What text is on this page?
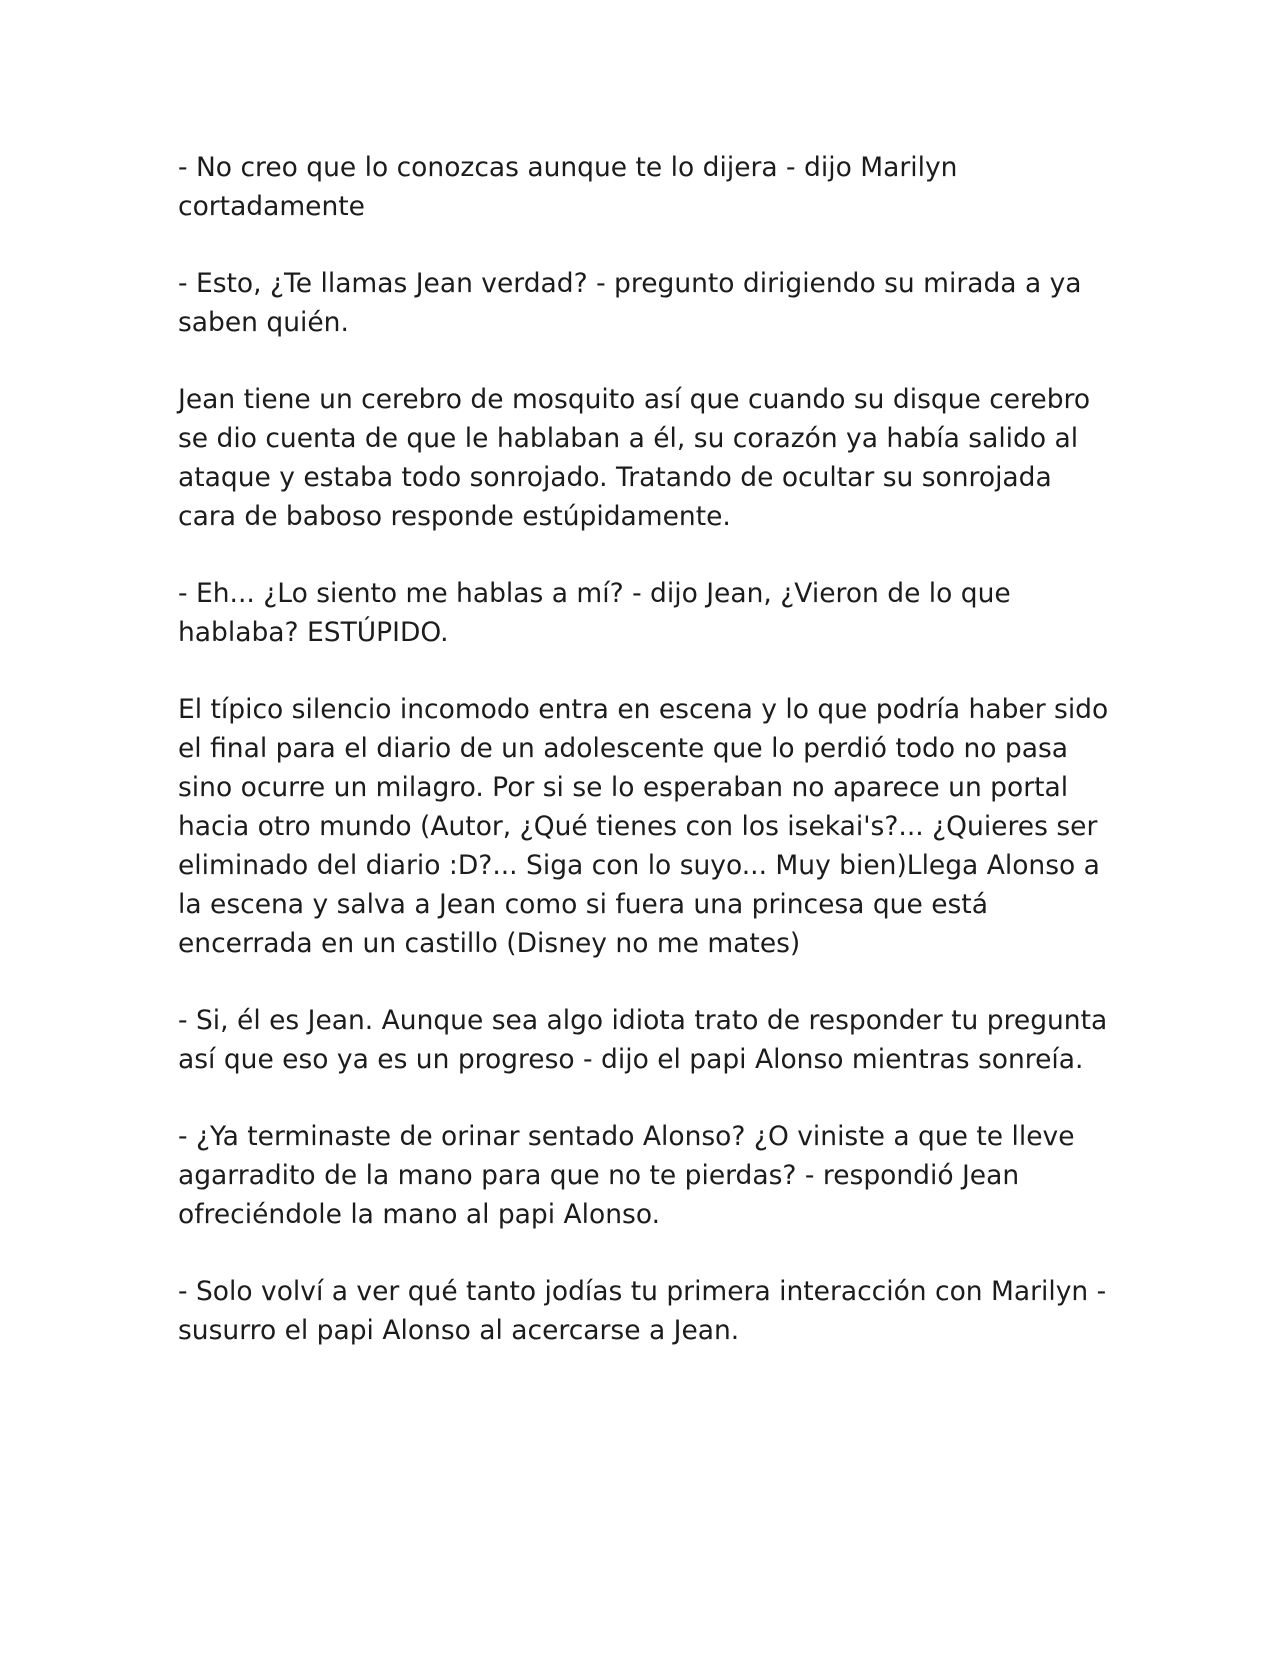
- No creo que lo conozcas aunque te lo dijera - dijo Marilyn cortadamente

- Esto, ¿Te llamas Jean verdad? - pregunto dirigiendo su mirada a ya saben quién.

Jean tiene un cerebro de mosquito así que cuando su disque cerebro se dio cuenta de que le hablaban a él, su corazón ya había salido al ataque y estaba todo sonrojado. Tratando de ocultar su sonrojada cara de baboso responde estúpidamente.

- Eh... ¿Lo siento me hablas a mí? - dijo Jean, ¿Vieron de lo que hablaba? ESTÚPIDO.

El típico silencio incomodo entra en escena y lo que podría haber sido el final para el diario de un adolescente que lo perdió todo no pasa sino ocurre un milagro. Por si se lo esperaban no aparece un portal hacia otro mundo (Autor, ¿Qué tienes con los isekai's?... ¿Quieres ser eliminado del diario :D?... Siga con lo suyo... Muy bien)Llega Alonso a la escena y salva a Jean como si fuera una princesa que está encerrada en un castillo (Disney no me mates)

- Si, él es Jean. Aunque sea algo idiota trato de responder tu pregunta así que eso ya es un progreso - dijo el papi Alonso mientras sonreía.

- ¿Ya terminaste de orinar sentado Alonso? ¿O viniste a que te lleve agarradito de la mano para que no te pierdas? - respondió Jean ofreciéndole la mano al papi Alonso.

- Solo volví a ver qué tanto jodías tu primera interacción con Marilyn - susurro el papi Alonso al acercarse a Jean.
